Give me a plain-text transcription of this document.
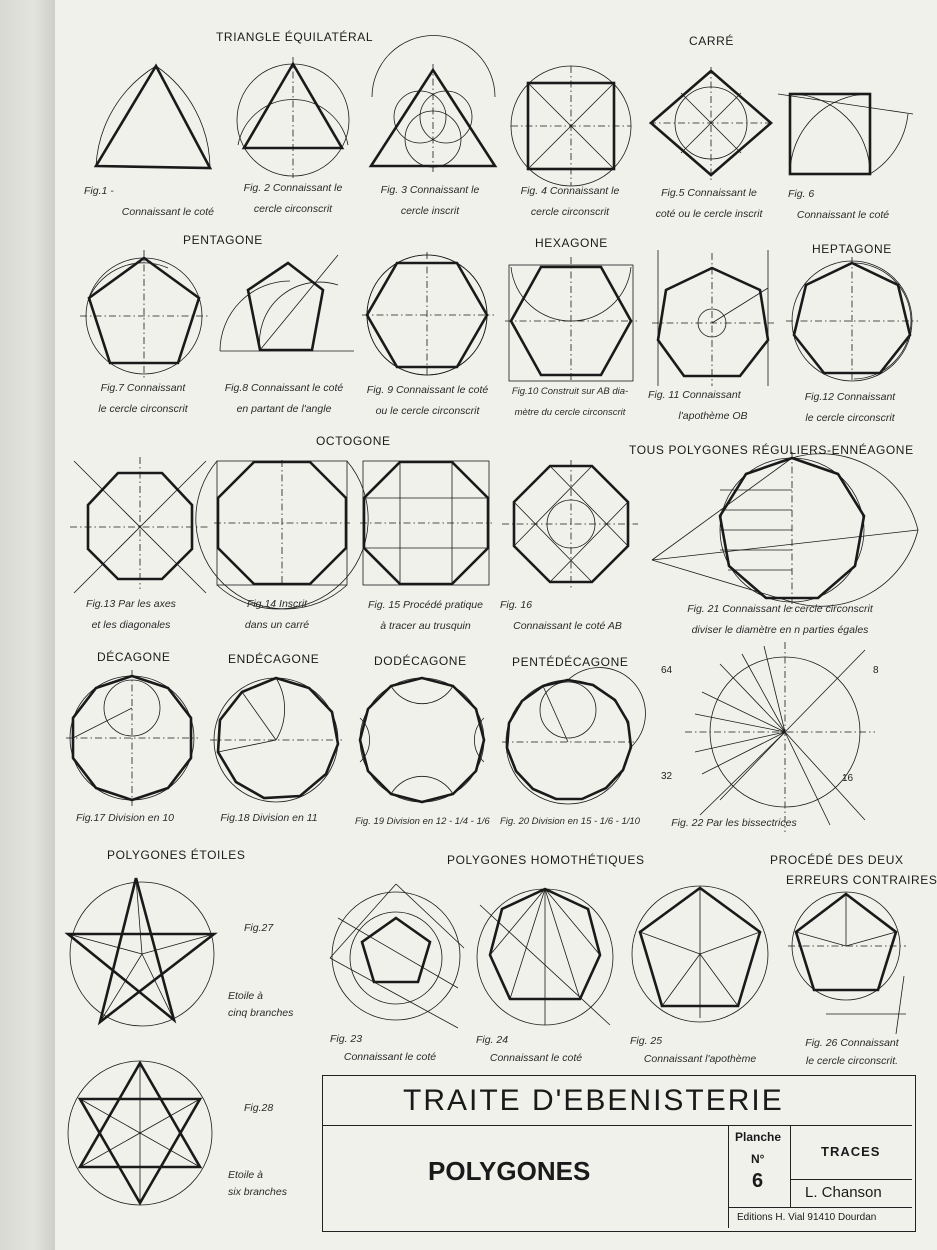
TRIANGLE ÉQUILATÉRAL	CARRÉ
PENTAGONE	HEXAGONE	HEPTAGONE
OCTOGONE
TOUS POLYGONES RÉGULIERS-ENNÉAGONE
DÉCAGONE	ENDÉCAGONE	DODÉCAGONE	PENTÉDÉCAGONE
POLYGONES ÉTOILES	POLYGONES HOMOTHÉTIQUES	PROCÉDÉ DES DEUX
ERREURS CONTRAIRES
Fig.1 -
Connaissant le coté
Fig. 2 Connaissant le
cercle circonscrit
Fig. 3 Connaissant le
cercle inscrit
Fig. 4 Connaissant le
cercle circonscrit
Fig.5 Connaissant le
coté ou le cercle inscrit
Fig. 6
Connaissant le coté
Fig.7 Connaissant
le cercle circonscrit
Fig.8 Connaissant le coté
en partant de l'angle
Fig. 9 Connaissant le coté
ou le cercle circonscrit
Fig.10 Construit sur AB dia-
mètre du cercle circonscrit
Fig. 11 Connaissant
l'apothème OB
Fig.12 Connaissant
le cercle circonscrit
Fig.13 Par les axes
et les diagonales
Fig.14 Inscrit
dans un carré
Fig. 15 Procédé pratique
à tracer au trusquin
Fig. 16
Connaissant le coté AB
Fig. 21 Connaissant le cercle circonscrit
diviser le diamètre en n parties égales
64	8
32	16
Fig.17 Division en 10	Fig.18 Division en 11	Fig. 19 Division en 12 - 1/4 - 1/6 Fig. 20 Division en 15 - 1/6 - 1/10	Fig. 22 Par les bissectrices
Fig.27
Etoile à
cinq branches
Fig. 23
Connaissant le coté
Fig. 24
Connaissant le coté
Fig. 25
Connaissant l'apothème
Fig. 26 Connaissant
le cercle circonscrit.
Fig.28
Etoile à
six branches
TRAITE D'EBENISTERIE
POLYGONES
Planche
N°
6
TRACES
L. Chanson
Editions H. Vial 91410 Dourdan
